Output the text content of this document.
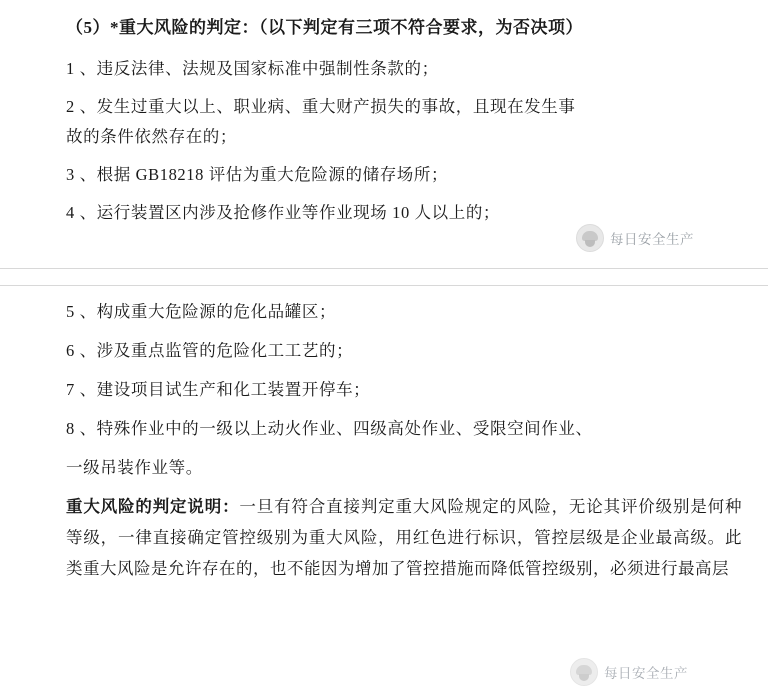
（5）*重大风险的判定：（以下判定有三项不符合要求，为否决项）
1 、违反法律、法规及国家标准中强制性条款的；
2 、发生过重大以上、职业病、重大财产损失的事故，且现在发生事
故的条件依然存在的；
3 、根据 GB18218 评估为重大危险源的储存场所；
4 、运行装置区内涉及抢修作业等作业现场 10 人以上的；
5 、构成重大危险源的危化品罐区；
6 、涉及重点监管的危险化工工艺的；
7 、建设项目试生产和化工装置开停车；
8 、特殊作业中的一级以上动火作业、四级高处作业、受限空间作业、
一级吊装作业等。
重大风险的判定说明：一旦有符合直接判定重大风险规定的风险，无论其评价级别是何种等级，一律直接确定管控级别为重大风险，用红色进行标识，管控层级是企业最高级。此类重大风险是允许存在的，也不能因为增加了管控措施而降低管控级别，必须进行最高层
每日安全生产
每日安全生产
